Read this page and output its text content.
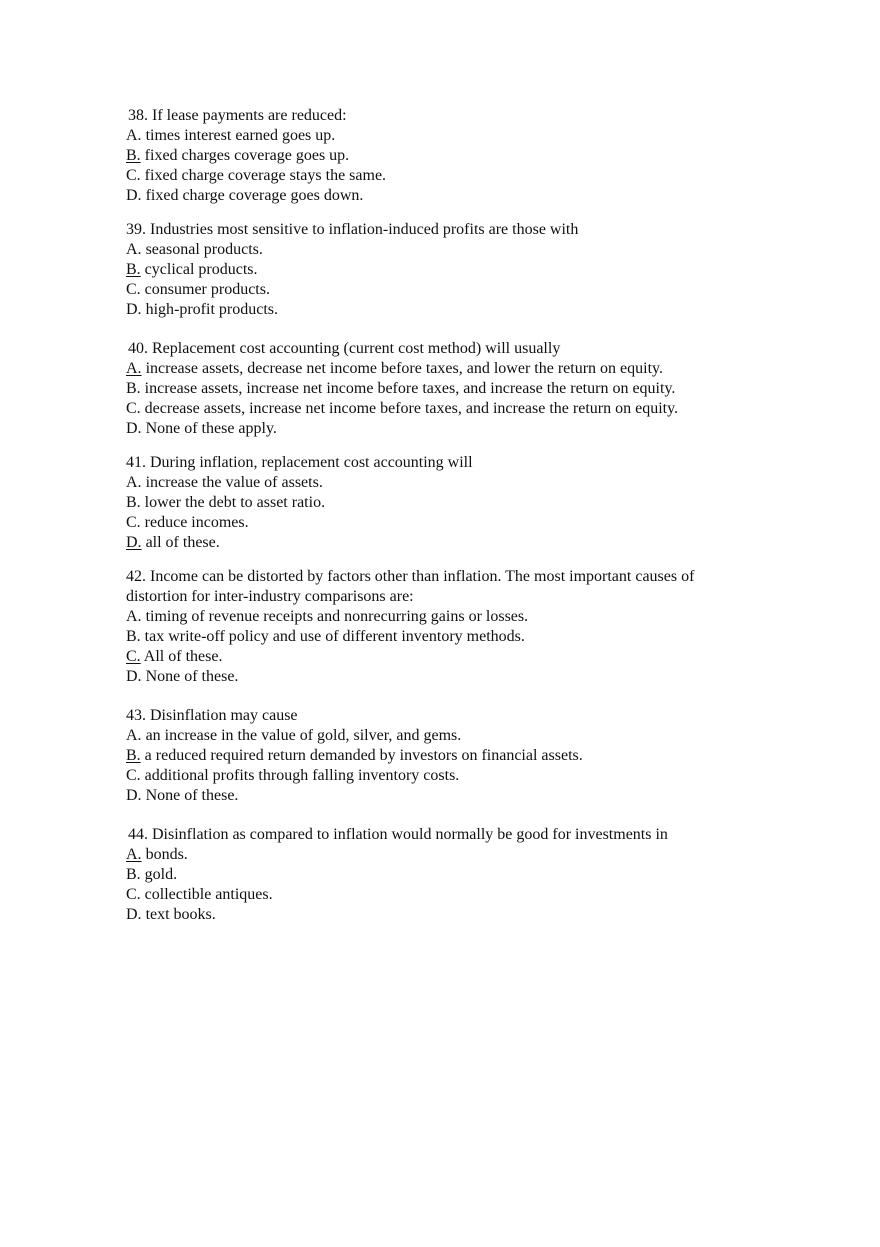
38. If lease payments are reduced:
A. times interest earned goes up.
B. fixed charges coverage goes up.
C. fixed charge coverage stays the same.
D. fixed charge coverage goes down.
39. Industries most sensitive to inflation-induced profits are those with
A. seasonal products.
B. cyclical products.
C. consumer products.
D. high-profit products.
40. Replacement cost accounting (current cost method) will usually
A. increase assets, decrease net income before taxes, and lower the return on equity.
B. increase assets, increase net income before taxes, and increase the return on equity.
C. decrease assets, increase net income before taxes, and increase the return on equity.
D. None of these apply.
41. During inflation, replacement cost accounting will
A. increase the value of assets.
B. lower the debt to asset ratio.
C. reduce incomes.
D. all of these.
42. Income can be distorted by factors other than inflation. The most important causes of distortion for inter-industry comparisons are:
A. timing of revenue receipts and nonrecurring gains or losses.
B. tax write-off policy and use of different inventory methods.
C. All of these.
D. None of these.
43. Disinflation may cause
A. an increase in the value of gold, silver, and gems.
B. a reduced required return demanded by investors on financial assets.
C. additional profits through falling inventory costs.
D. None of these.
44. Disinflation as compared to inflation would normally be good for investments in
A. bonds.
B. gold.
C. collectible antiques.
D. text books.
